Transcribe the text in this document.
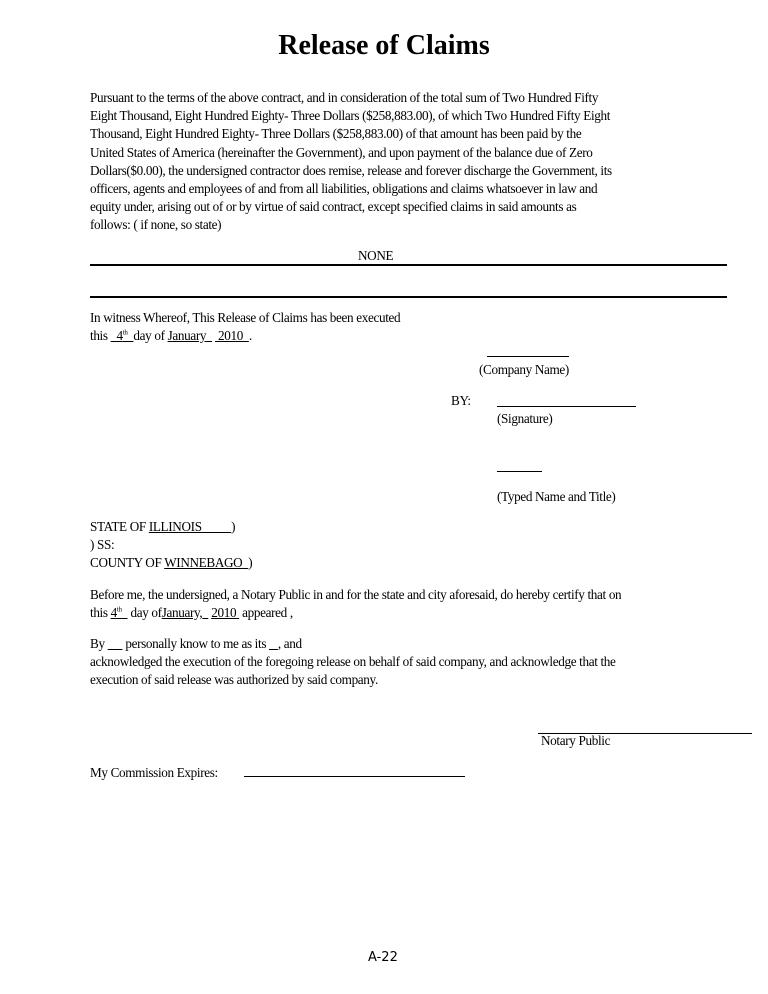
Release of Claims
Pursuant to the terms of the above contract, and in consideration of the total sum of Two Hundred Fifty
Eight Thousand, Eight Hundred Eighty- Three Dollars ($258,883.00), of which Two Hundred Fifty Eight
Thousand, Eight Hundred Eighty- Three Dollars ($258,883.00) of that amount has been paid by the
United States of America (hereinafter the Government), and upon payment of the balance due of Zero
Dollars($0.00), the undersigned contractor does remise, release and forever discharge the Government, its
officers, agents and employees of and from all liabilities, obligations and claims whatsoever in law and
equity under, arising out of or by virtue of said contract, except specified claims in said amounts as
follows: ( if none, so state)
NONE
In witness Whereof, This Release of Claims has been executed
this 4th day of January 2010 .
(Company Name)
BY:
(Signature)
(Typed Name and Title)
STATE OF ILLINOIS )
) SS:
COUNTY OF WINNEBAGO )
Before me, the undersigned, a Notary Public in and for the state and city aforesaid, do hereby certify that on
this 4th day ofJanuary, 2010 appeared ,
By personally know to me as its , and
acknowledged the execution of the foregoing release on behalf of said company, and acknowledge that the
execution of said release was authorized by said company.
Notary Public
My Commission Expires:
A-22
